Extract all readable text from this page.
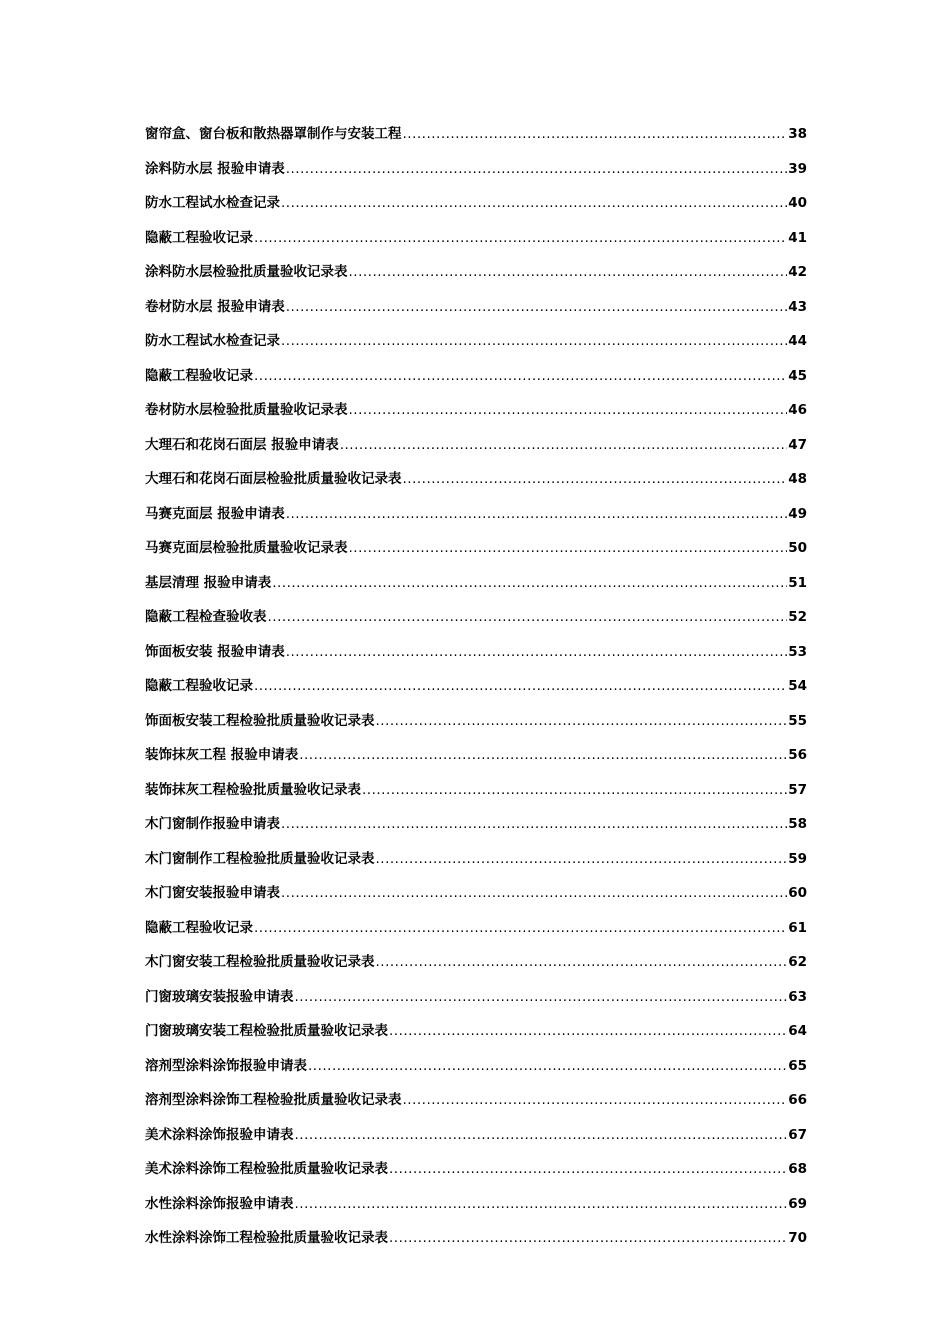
窗帘盒、窗台板和散热器罩制作与安装工程 .....	38
涂料防水层 报验申请表 .....	39
防水工程试水检查记录 .....	40
隐蔽工程验收记录 .....	41
涂料防水层检验批质量验收记录表 .....	42
卷材防水层 报验申请表 .....	43
防水工程试水检查记录 .....	44
隐蔽工程验收记录 .....	45
卷材防水层检验批质量验收记录表 .....	46
大理石和花岗石面层 报验申请表 .....	47
大理石和花岗石面层检验批质量验收记录表 .....	48
马赛克面层 报验申请表 .....	49
马赛克面层检验批质量验收记录表 .....	50
基层清理 报验申请表 .....	51
隐蔽工程检查验收表 .....	52
饰面板安装 报验申请表 .....	53
隐蔽工程验收记录 .....	54
饰面板安装工程检验批质量验收记录表 .....	55
装饰抹灰工程 报验申请表 .....	56
装饰抹灰工程检验批质量验收记录表 .....	57
木门窗制作报验申请表 .....	58
木门窗制作工程检验批质量验收记录表 .....	59
木门窗安装报验申请表 .....	60
隐蔽工程验收记录 .....	61
木门窗安装工程检验批质量验收记录表 .....	62
门窗玻璃安装报验申请表 .....	63
门窗玻璃安装工程检验批质量验收记录表 .....	64
溶剂型涂料涂饰报验申请表 .....	65
溶剂型涂料涂饰工程检验批质量验收记录表 .....	66
美术涂料涂饰报验申请表 .....	67
美术涂料涂饰工程检验批质量验收记录表 .....	68
水性涂料涂饰报验申请表 .....	69
水性涂料涂饰工程检验批质量验收记录表 .....	70
